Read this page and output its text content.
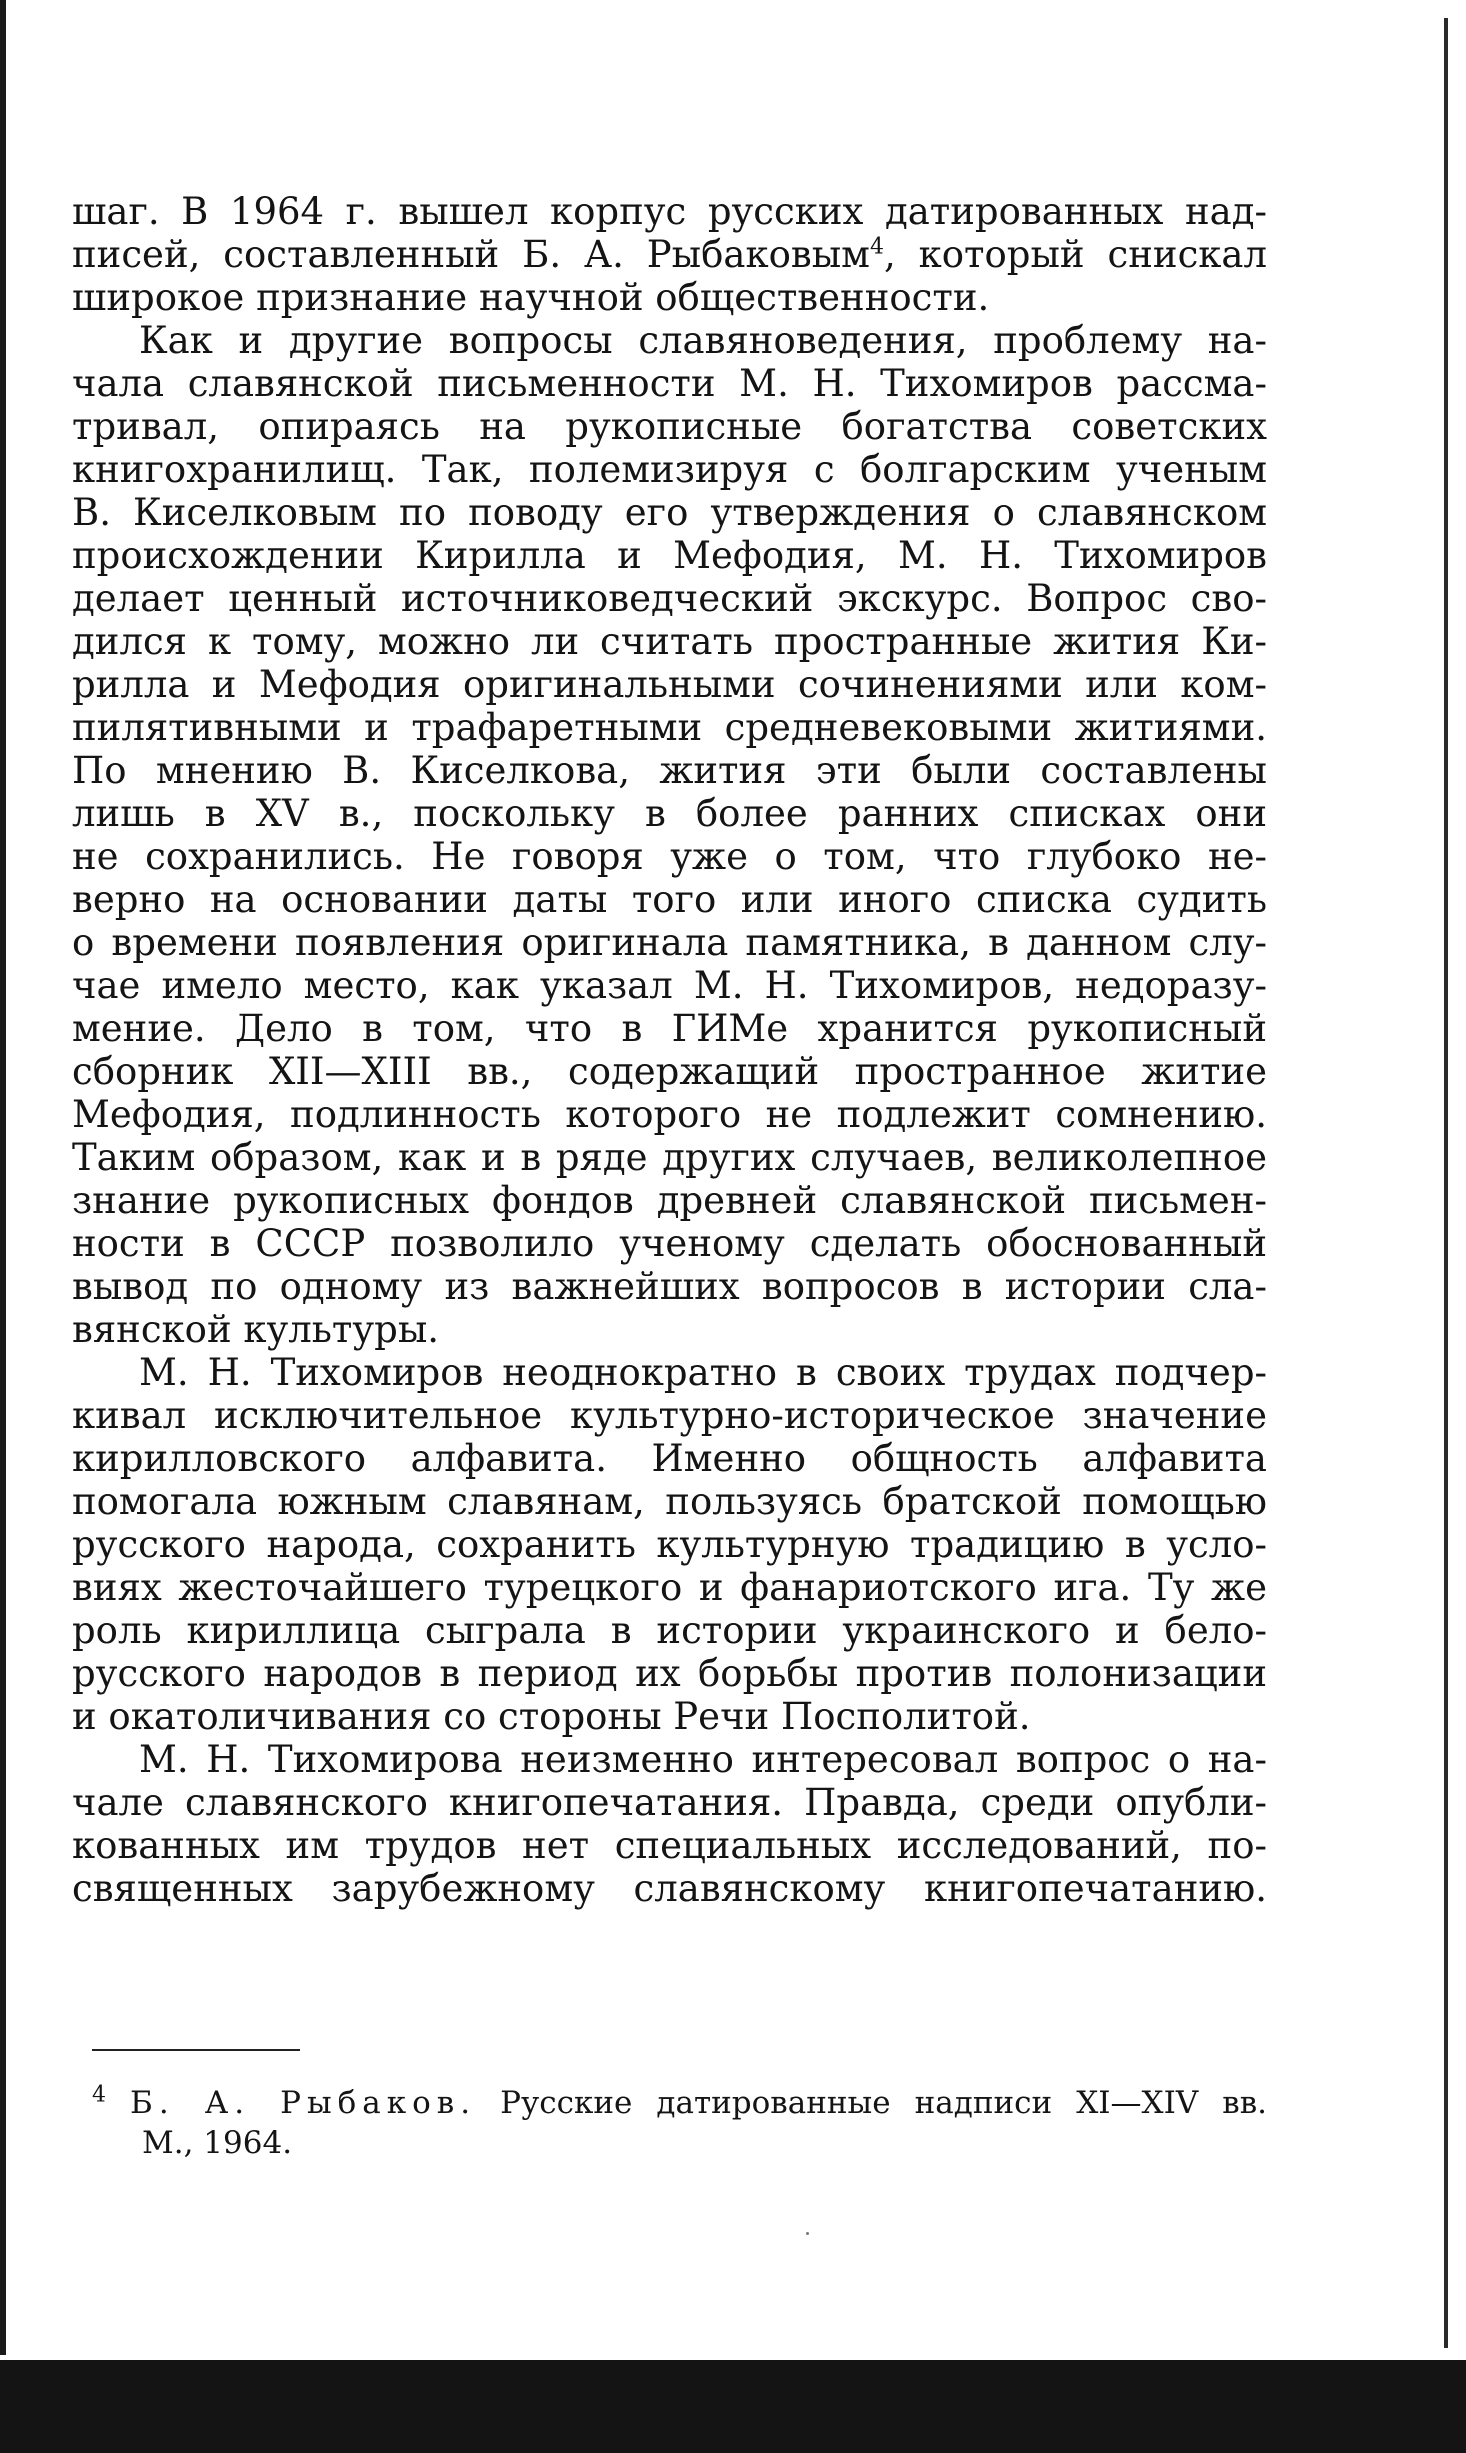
шаг. В 1964 г. вышел корпус русских датированных над-
писей, составленный Б. А. Рыбаковым$^4$, который снискал
широкое признание научной общественности.
Как и другие вопросы славяноведения, проблему на-
чала славянской письменности М. Н. Тихомиров рассма-
тривал, опираясь на рукописные богатства советских
книгохранилищ. Так, полемизируя с болгарским ученым
В. Киселковым по поводу его утверждения о славянском
происхождении Кирилла и Мефодия, М. Н. Тихомиров
делает ценный источниковедческий экскурс. Вопрос сво-
дился к тому, можно ли считать пространные жития Ки-
рилла и Мефодия оригинальными сочинениями или ком-
пилятивными и трафаретными средневековыми житиями.
По мнению В. Киселкова, жития эти были составлены
лишь в XV в., поскольку в более ранних списках они
не сохранились. Не говоря уже о том, что глубоко не-
верно на основании даты того или иного списка судить
о времени появления оригинала памятника, в данном слу-
чае имело место, как указал М. Н. Тихомиров, недоразу-
мение. Дело в том, что в ГИМе хранится рукописный
сборник XII—XIII вв., содержащий пространное житие
Мефодия, подлинность которого не подлежит сомнению.
Таким образом, как и в ряде других случаев, великолепное
знание рукописных фондов древней славянской письмен-
ности в СССР позволило ученому сделать обоснованный
вывод по одному из важнейших вопросов в истории сла-
вянской культуры.
М. Н. Тихомиров неоднократно в своих трудах подчер-
кивал исключительное культурно-историческое значение
кирилловского алфавита. Именно общность алфавита
помогала южным славянам, пользуясь братской помощью
русского народа, сохранить культурную традицию в усло-
виях жесточайшего турецкого и фанариотского ига. Ту же
роль кириллица сыграла в истории украинского и бело-
русского народов в период их борьбы против полонизации
и окатоличивания со стороны Речи Посполитой.
М. Н. Тихомирова неизменно интересовал вопрос о на-
чале славянского книгопечатания. Правда, среди опубли-
кованных им трудов нет специальных исследований, по-
священных зарубежному славянскому книгопечатанию.
$^4$ Б. А. Рыбаков. Русские датированные надписи XI—XIV вв.
М., 1964.
